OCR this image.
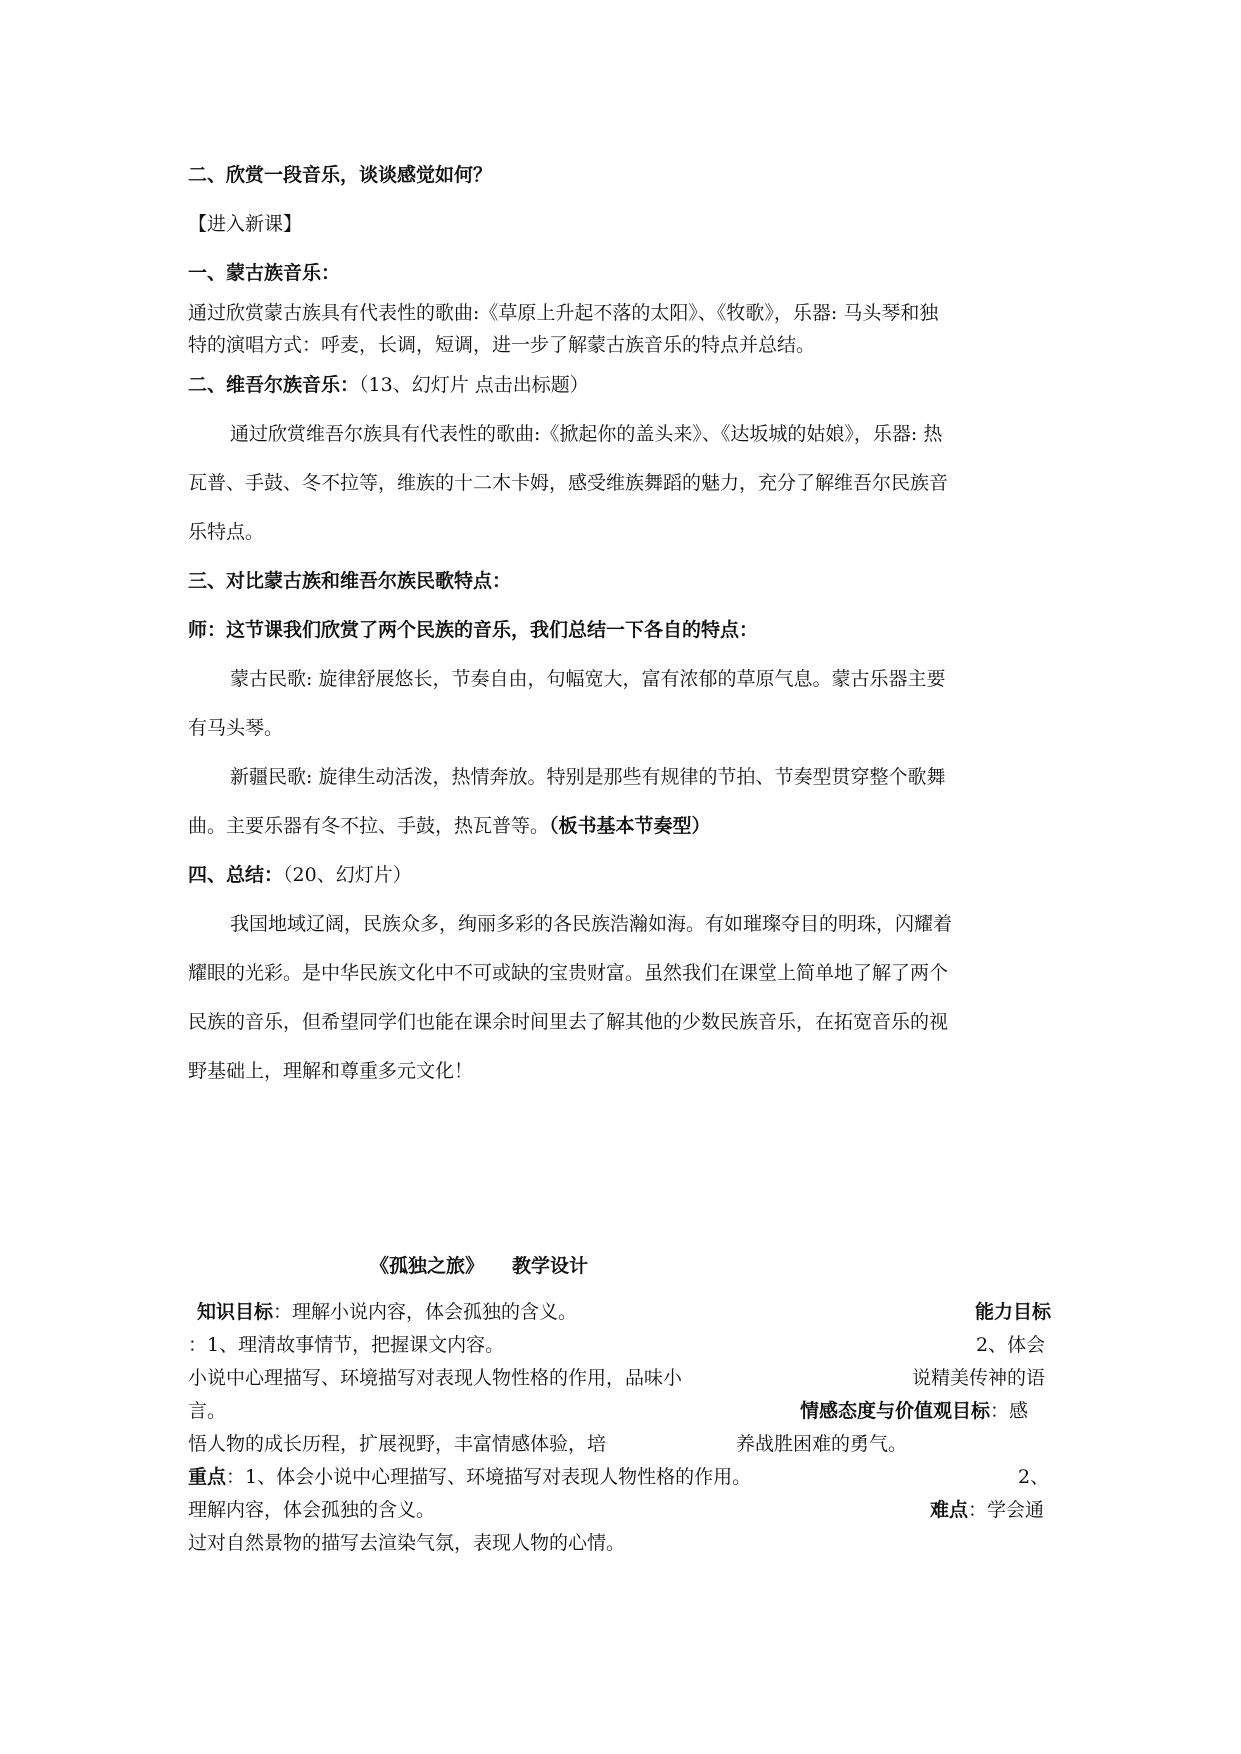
二、欣赏一段音乐，谈谈感觉如何？
【进入新课】
一、蒙古族音乐：
通过欣赏蒙古族具有代表性的歌曲:《草原上升起不落的太阳》、《牧歌》，乐器: 马头琴和独
特的演唱方式：呼麦，长调，短调，进一步了解蒙古族音乐的特点并总结。
二、维吾尔族音乐：（13、幻灯片 点击出标题）
通过欣赏维吾尔族具有代表性的歌曲:《掀起你的盖头来》、《达坂城的姑娘》，乐器: 热
瓦普、手鼓、冬不拉等，维族的十二木卡姆，感受维族舞蹈的魅力，充分了解维吾尔民族音
乐特点。
三、对比蒙古族和维吾尔族民歌特点：
师：这节课我们欣赏了两个民族的音乐，我们总结一下各自的特点：
蒙古民歌: 旋律舒展悠长，节奏自由，句幅宽大，富有浓郁的草原气息。蒙古乐器主要
有马头琴。
新疆民歌: 旋律生动活泼，热情奔放。特别是那些有规律的节拍、节奏型贯穿整个歌舞
曲。主要乐器有冬不拉、手鼓，热瓦普等。（板书基本节奏型）
四、总结：（20、幻灯片）
我国地域辽阔，民族众多，绚丽多彩的各民族浩瀚如海。有如璀璨夺目的明珠，闪耀着
耀眼的光彩。是中华民族文化中不可或缺的宝贵财富。虽然我们在课堂上简单地了解了两个
民族的音乐，但希望同学们也能在课余时间里去了解其他的少数民族音乐，在拓宽音乐的视
野基础上，理解和尊重多元文化！
《孤独之旅》 教学设计
知识目标：理解小说内容，体会孤独的含义。	能力目标
：1、理清故事情节，把握课文内容。	2、体会
小说中心理描写、环境描写对表现人物性格的作用，品味小	说精美传神的语
言。	情感态度与价值观目标：感
悟人物的成长历程，扩展视野，丰富情感体验，培	养战胜困难的勇气。
重点：1、体会小说中心理描写、环境描写对表现人物性格的作用。	2、
理解内容，体会孤独的含义。	难点：学会通
过对自然景物的描写去渲染气氛，表现人物的心情。
